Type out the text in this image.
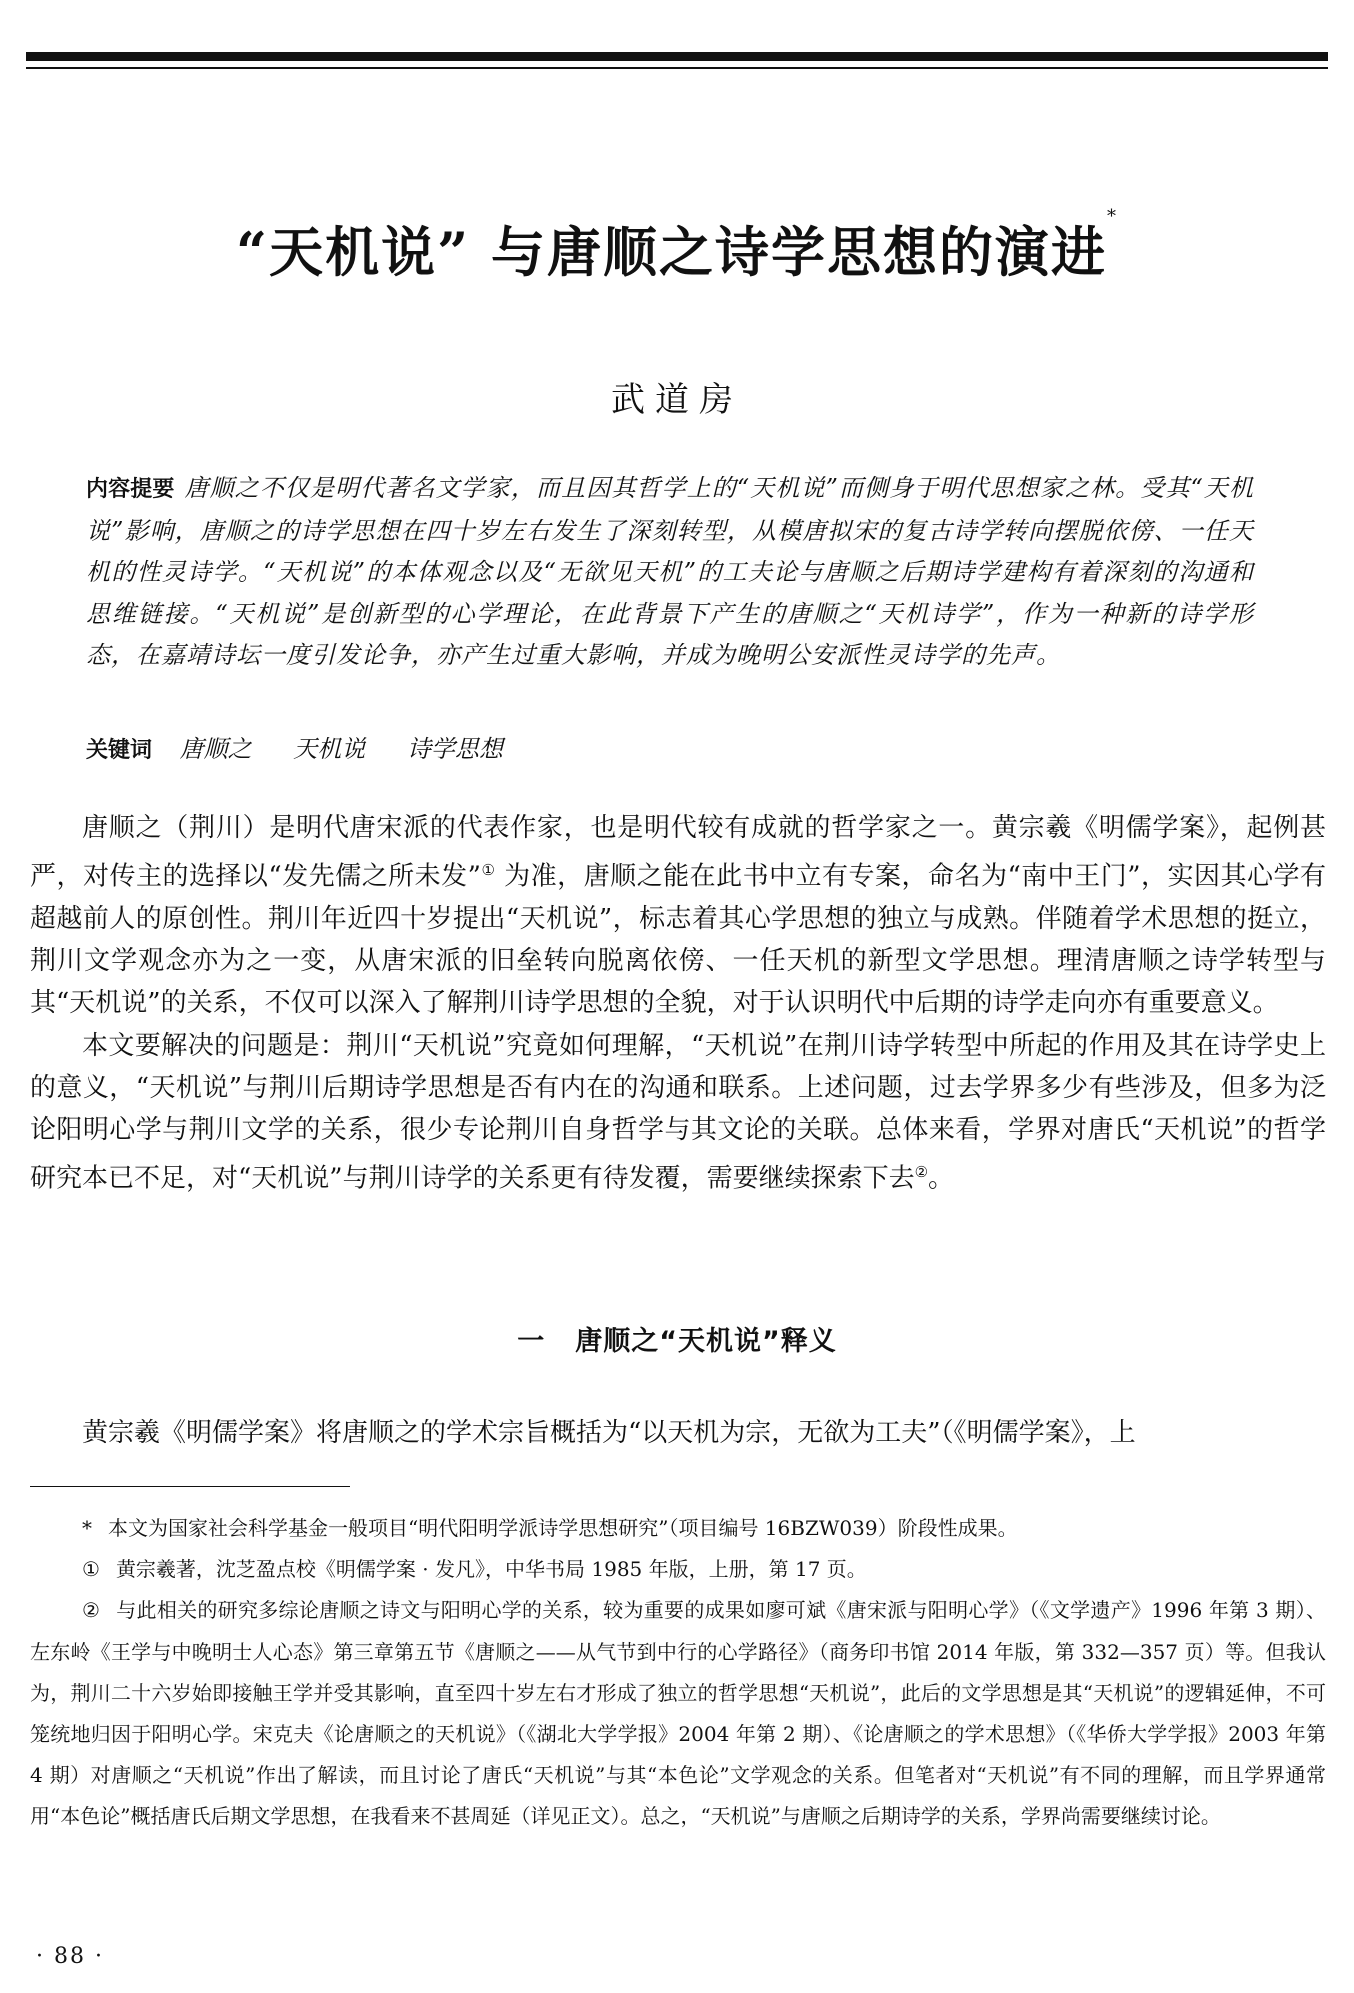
“天机说” 与唐顺之诗学思想的演进*
武道房
内容提要 唐顺之不仅是明代著名文学家，而且因其哲学上的“天机说”而侧身于明代思想家之林。受其“天机说”影响，唐顺之的诗学思想在四十岁左右发生了深刻转型，从模唐拟宋的复古诗学转向摆脱依傍、一任天机的性灵诗学。“天机说”的本体观念以及“无欲见天机”的工夫论与唐顺之后期诗学建构有着深刻的沟通和思维链接。“天机说”是创新型的心学理论，在此背景下产生的唐顺之“天机诗学”，作为一种新的诗学形态，在嘉靖诗坛一度引发论争，亦产生过重大影响，并成为晚明公安派性灵诗学的先声。
关键词 唐顺之 天机说 诗学思想

唐顺之（荆川）是明代唐宋派的代表作家，也是明代较有成就的哲学家之一。黄宗羲《明儒学案》，起例甚严，对传主的选择以“发先儒之所未发”① 为准，唐顺之能在此书中立有专案，命名为“南中王门”，实因其心学有超越前人的原创性。荆川年近四十岁提出“天机说”，标志着其心学思想的独立与成熟。伴随着学术思想的挺立，荆川文学观念亦为之一变，从唐宋派的旧垒转向脱离依傍、一任天机的新型文学思想。理清唐顺之诗学转型与其“天机说”的关系，不仅可以深入了解荆川诗学思想的全貌，对于认识明代中后期的诗学走向亦有重要意义。

本文要解决的问题是：荆川“天机说”究竟如何理解，“天机说”在荆川诗学转型中所起的作用及其在诗学史上的意义，“天机说”与荆川后期诗学思想是否有内在的沟通和联系。上述问题，过去学界多少有些涉及，但多为泛论阳明心学与荆川文学的关系，很少专论荆川自身哲学与其文论的关联。总体来看，学界对唐氏“天机说”的哲学研究本已不足，对“天机说”与荆川诗学的关系更有待发覆，需要继续探索下去②。

一 唐顺之“天机说”释义

黄宗羲《明儒学案》将唐顺之的学术宗旨概括为“以天机为宗，无欲为工夫”（《明儒学案》，上

* 本文为国家社会科学基金一般项目“明代阳明学派诗学思想研究”（项目编号 16BZW039）阶段性成果。

① 黄宗羲著，沈芝盈点校《明儒学案 · 发凡》，中华书局 1985 年版，上册，第 17 页。

② 与此相关的研究多综论唐顺之诗文与阳明心学的关系，较为重要的成果如廖可斌《唐宋派与阳明心学》（《文学遗产》1996 年第 3 期）、左东岭《王学与中晚明士人心态》第三章第五节《唐顺之——从气节到中行的心学路径》（商务印书馆 2014 年版，第 332—357 页）等。但我认为，荆川二十六岁始即接触王学并受其影响，直至四十岁左右才形成了独立的哲学思想“天机说”，此后的文学思想是其“天机说”的逻辑延伸，不可笼统地归因于阳明心学。宋克夫《论唐顺之的天机说》（《湖北大学学报》2004 年第 2 期）、《论唐顺之的学术思想》（《华侨大学学报》2003 年第 4 期）对唐顺之“天机说”作出了解读，而且讨论了唐氏“天机说”与其“本色论”文学观念的关系。但笔者对“天机说”有不同的理解，而且学界通常用“本色论”概括唐氏后期文学思想，在我看来不甚周延（详见正文）。总之，“天机说”与唐顺之后期诗学的关系，学界尚需要继续讨论。

· 88 ·
